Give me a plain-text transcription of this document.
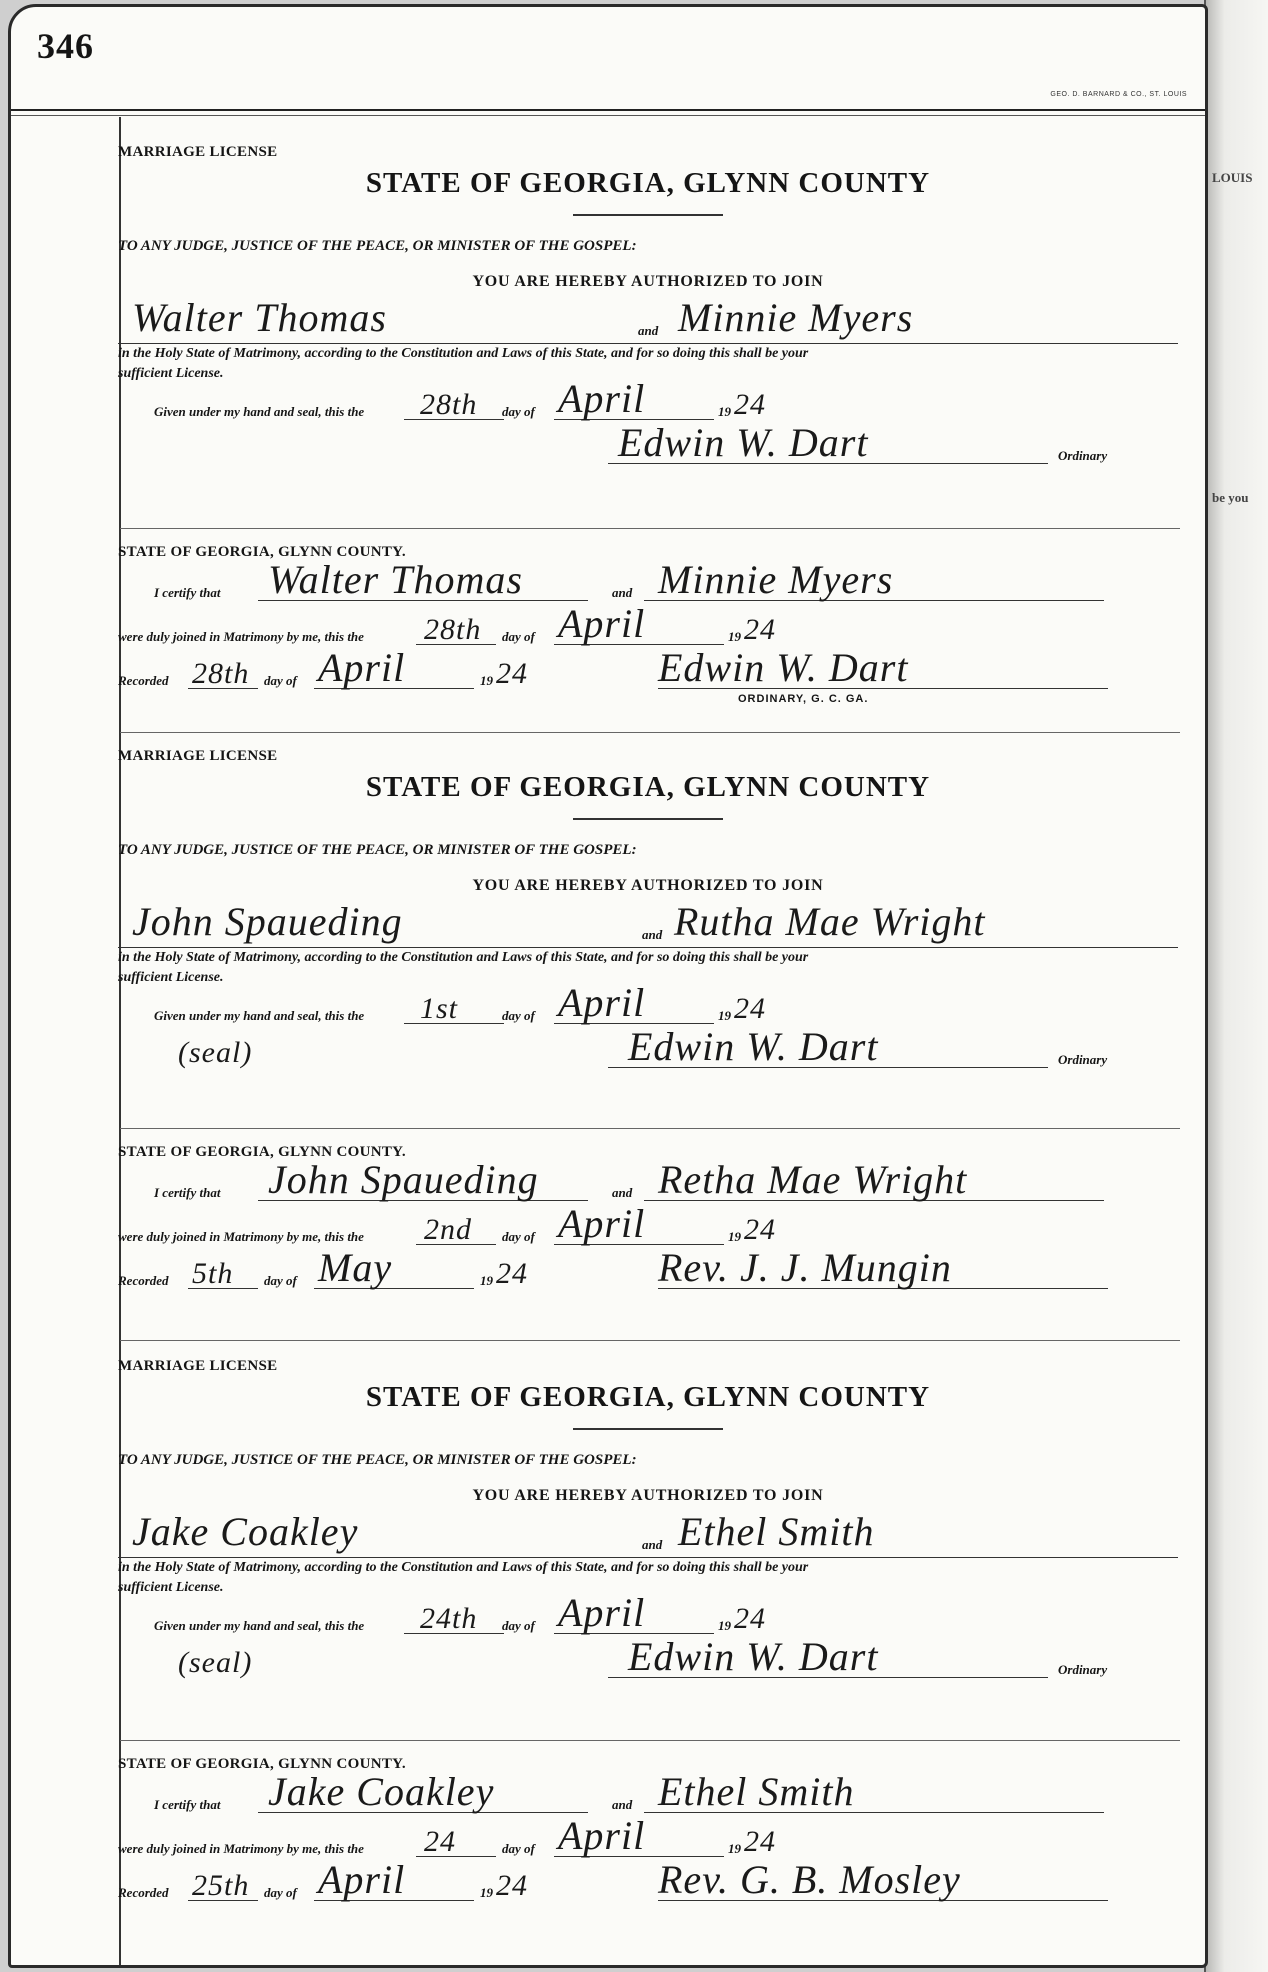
LOUIS
be you
346
GEO. D. BARNARD & CO., ST. LOUIS
MARRIAGE LICENSE
STATE OF GEORGIA, GLYNN COUNTY
TO ANY JUDGE, JUSTICE OF THE PEACE, OR MINISTER OF THE GOSPEL:
YOU ARE HEREBY AUTHORIZED TO JOIN
Walter Thomas	and Minnie Myers
in the Holy State of Matrimony, according to the Constitution and Laws of this State, and for so doing this shall be your
sufficient License.
Given under my hand and seal, this the 28th day of April	19 24
Edwin W. Dart	Ordinary
STATE OF GEORGIA, GLYNN COUNTY.
I certify that Walter Thomas	and Minnie Myers
were duly joined in Matrimony by me, this the 28th day of April	19 24
Recorded 28th day of April	19 24	Edwin W. Dart
ORDINARY, G. C. GA.
MARRIAGE LICENSE
STATE OF GEORGIA, GLYNN COUNTY
TO ANY JUDGE, JUSTICE OF THE PEACE, OR MINISTER OF THE GOSPEL:
YOU ARE HEREBY AUTHORIZED TO JOIN
John Spaueding	and Rutha Mae Wright
in the Holy State of Matrimony, according to the Constitution and Laws of this State, and for so doing this shall be your
sufficient License.
Given under my hand and seal, this the 1st	day of April	19 24
(seal)	Edwin W. Dart	Ordinary
STATE OF GEORGIA, GLYNN COUNTY.
I certify that John Spaueding	and Retha Mae Wright
were duly joined in Matrimony by me, this the 2nd day of April	19 24
Recorded 5th day of May	19 24	Rev. J. J. Mungin
MARRIAGE LICENSE
STATE OF GEORGIA, GLYNN COUNTY
TO ANY JUDGE, JUSTICE OF THE PEACE, OR MINISTER OF THE GOSPEL:
YOU ARE HEREBY AUTHORIZED TO JOIN
Jake Coakley	and Ethel Smith
in the Holy State of Matrimony, according to the Constitution and Laws of this State, and for so doing this shall be your
sufficient License.
Given under my hand and seal, this the 24th day of April	19 24
(seal)	Edwin W. Dart	Ordinary
STATE OF GEORGIA, GLYNN COUNTY.
I certify that Jake Coakley	and Ethel Smith
were duly joined in Matrimony by me, this the 24	day of April	19 24
Recorded 25th day of April	19 24	Rev. G. B. Mosley
